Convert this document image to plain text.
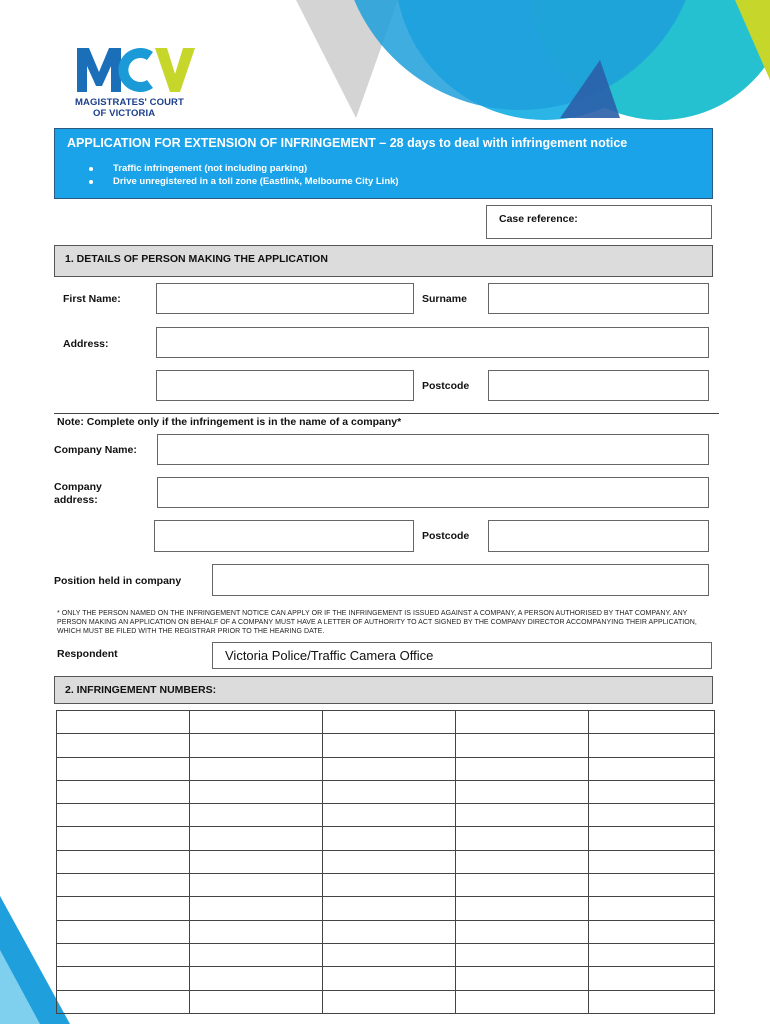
MAGISTRATES' COURT
OF VICTORIA
APPLICATION FOR EXTENSION OF INFRINGEMENT – 28 days to deal with infringement notice
Traffic infringement (not including parking)
Drive unregistered in a toll zone (Eastlink, Melbourne City Link)
Case reference:
1. DETAILS OF PERSON MAKING THE APPLICATION
First Name:	Surname
Address:
Postcode
Note: Complete only if the infringement is in the name of a company*
Company Name:
Company
address:
Postcode
Position held in company
* ONLY THE PERSON NAMED ON THE INFRINGEMENT NOTICE CAN APPLY OR IF THE INFRINGEMENT IS ISSUED AGAINST A COMPANY, A PERSON AUTHORISED BY THAT COMPANY. ANY PERSON MAKING AN APPLICATION ON BEHALF OF A COMPANY MUST HAVE A LETTER OF AUTHORITY TO ACT SIGNED BY THE COMPANY DIRECTOR ACCOMPANYING THEIR APPLICATION, WHICH MUST BE FILED WITH THE REGISTRAR PRIOR TO THE HEARING DATE.
Respondent	Victoria Police/Traffic Camera Office
2. INFRINGEMENT NUMBERS:
